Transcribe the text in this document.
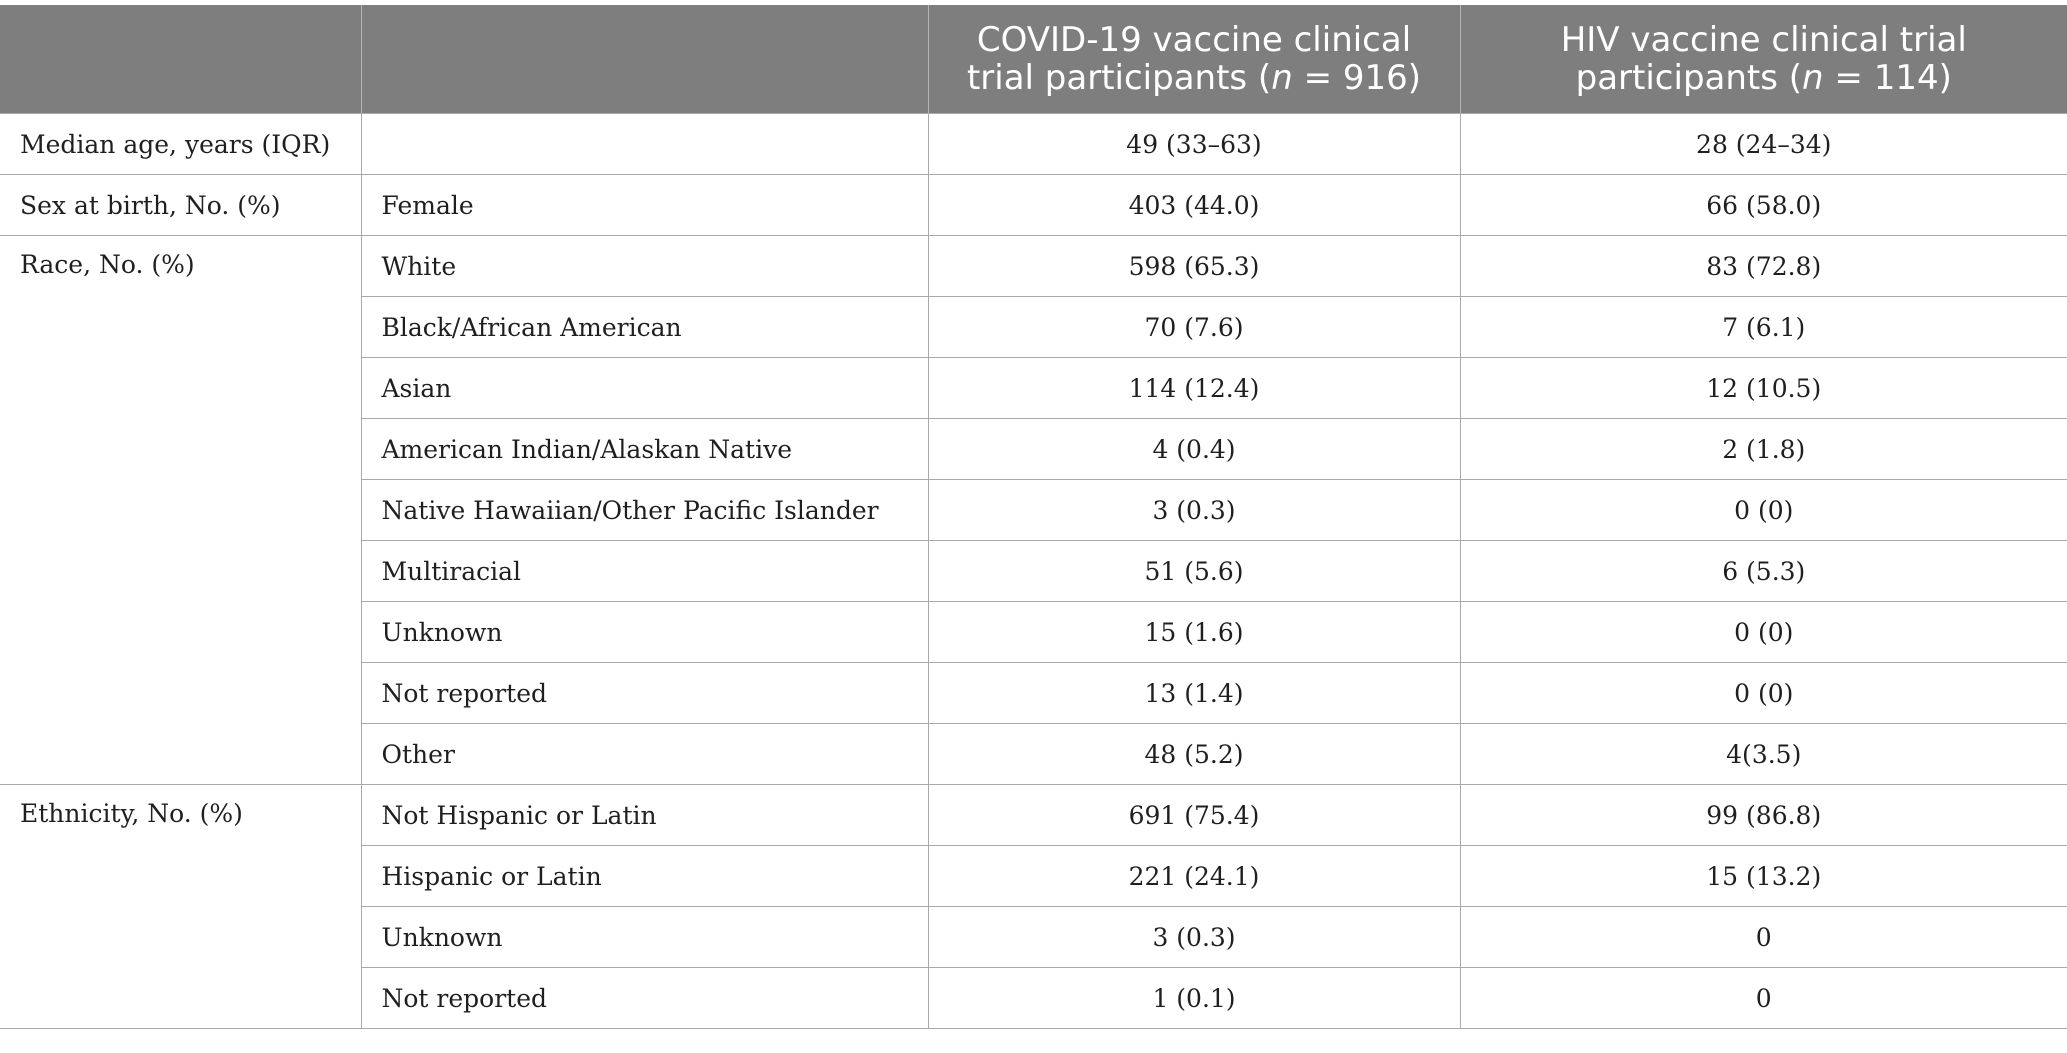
		COVID-19 vaccine clinical
trial participants (n = 916)	HIV vaccine clinical trial
participants (n = 114)
Median age, years (IQR)		49 (33–63)	28 (24–34)
Sex at birth, No. (%)	Female	403 (44.0)	66 (58.0)
Race, No. (%)	White	598 (65.3)	83 (72.8)
	Black/African American	70 (7.6)	7 (6.1)
	Asian	114 (12.4)	12 (10.5)
	American Indian/Alaskan Native	4 (0.4)	2 (1.8)
	Native Hawaiian/Other Pacific Islander	3 (0.3)	0 (0)
	Multiracial	51 (5.6)	6 (5.3)
	Unknown	15 (1.6)	0 (0)
	Not reported	13 (1.4)	0 (0)
	Other	48 (5.2)	4(3.5)
Ethnicity, No. (%)	Not Hispanic or Latin	691 (75.4)	99 (86.8)
	Hispanic or Latin	221 (24.1)	15 (13.2)
	Unknown	3 (0.3)	0
	Not reported	1 (0.1)	0
